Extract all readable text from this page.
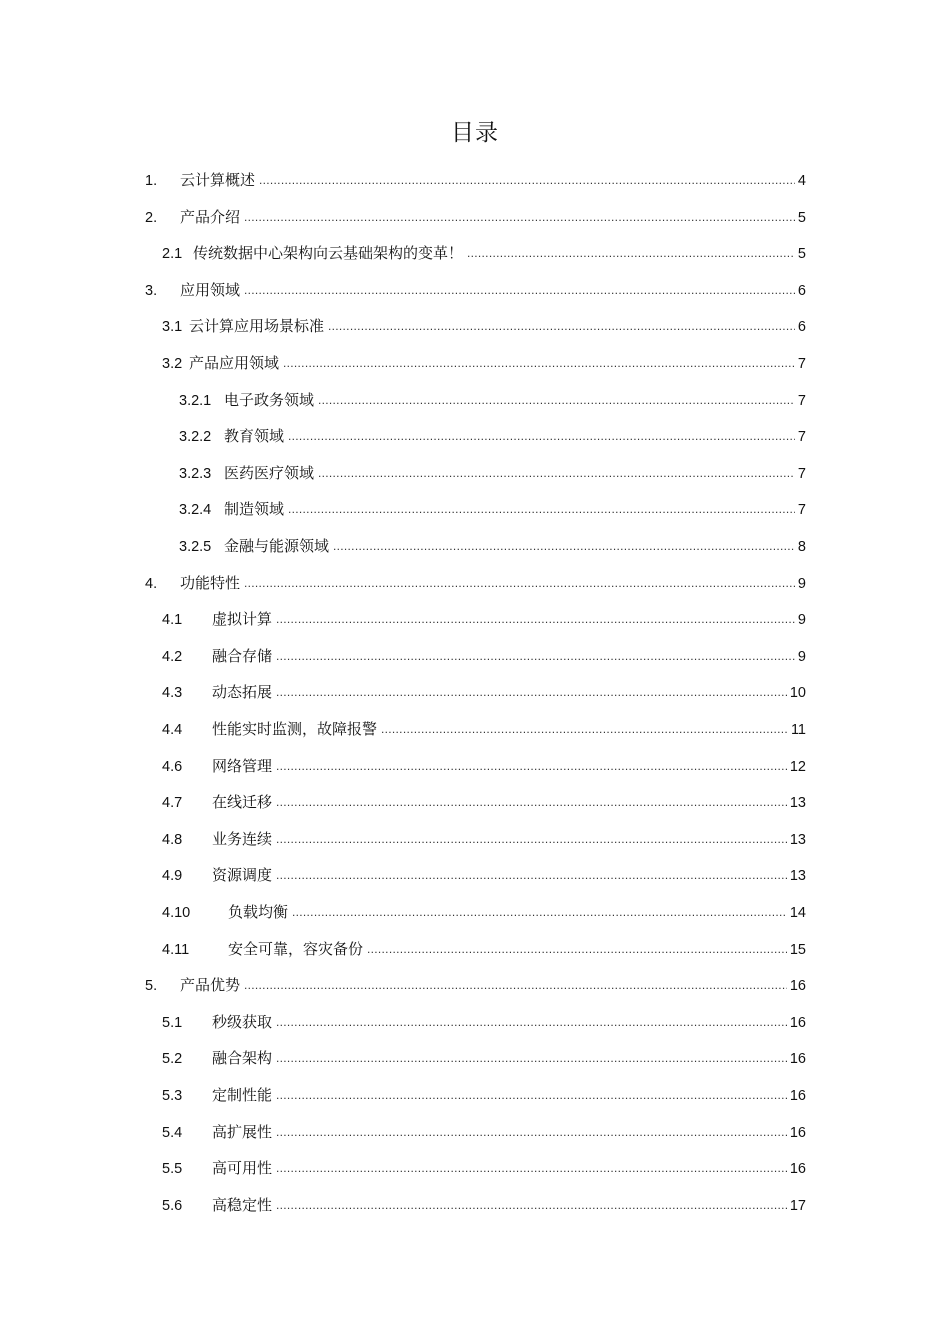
目录
1.	云计算概述 .....	4
2.	产品介绍 .....	5
2.1 传统数据中心架构向云基础架构的变革！ .....	5
3.	应用领域 .....	6
3.1 云计算应用场景标准 .....	6
3.2 产品应用领域 .....	7
3.2.1 电子政务领域 .....	7
3.2.2 教育领域 .....	7
3.2.3 医药医疗领域 .....	7
3.2.4 制造领域 .....	7
3.2.5 金融与能源领域 .....	8
4.	功能特性 .....	9
4.1	虚拟计算 .....	9
4.2	融合存储 .....	9
4.3	动态拓展 .....	10
4.4	性能实时监测，故障报警 .....	11
4.6	网络管理 .....	12
4.7	在线迁移 .....	13
4.8	业务连续 .....	13
4.9	资源调度 .....	13
4.10	负载均衡 .....	14
4.11	安全可靠，容灾备份 .....	15
5.	产品优势 .....	16
5.1	秒级获取 .....	16
5.2	融合架构 .....	16
5.3	定制性能 .....	16
5.4	高扩展性 .....	16
5.5	高可用性 .....	16
5.6	高稳定性 .....	17
